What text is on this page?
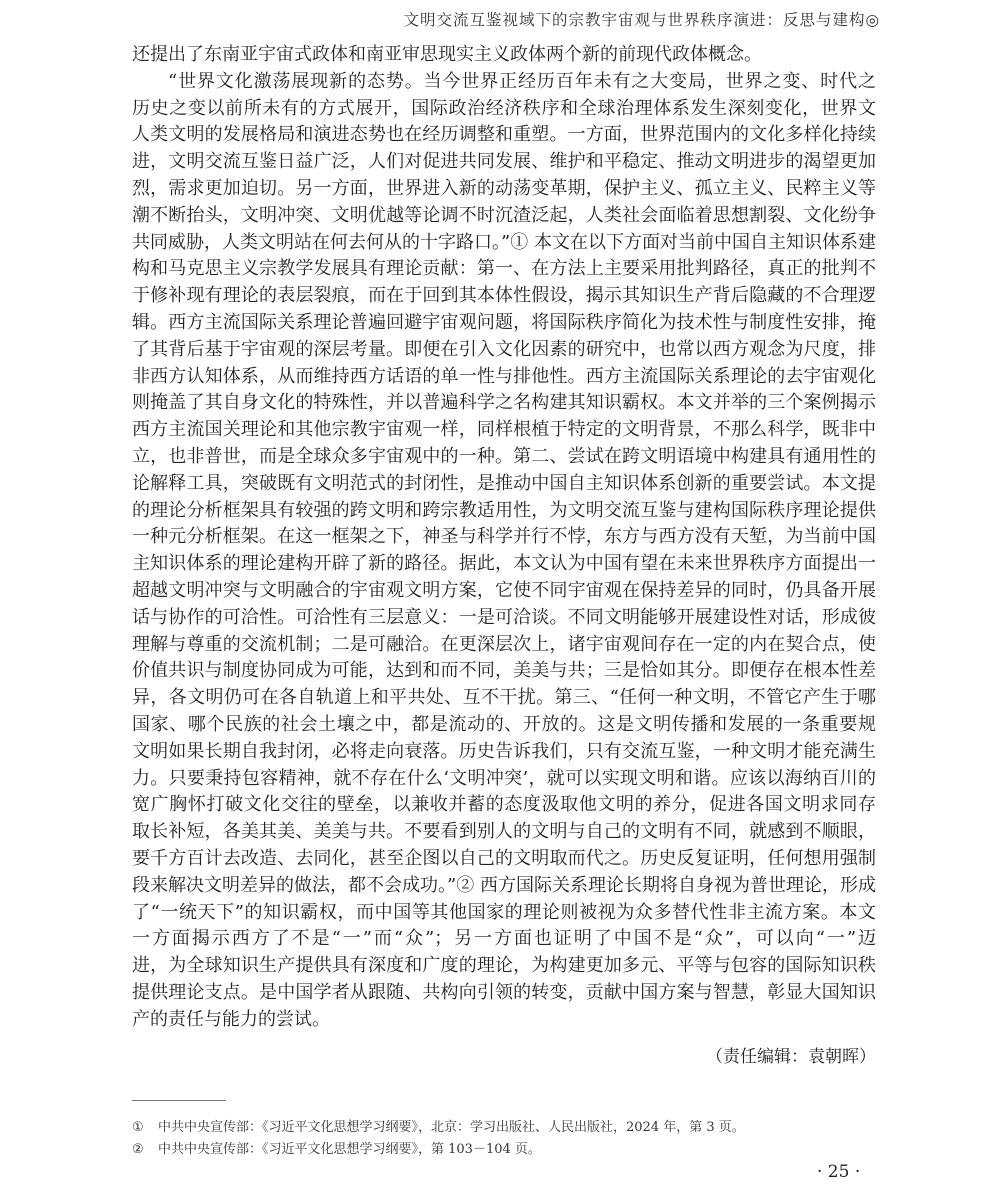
文明交流互鉴视域下的宗教宇宙观与世界秩序演进：反思与建构◎
还提出了东南亚宇宙式政体和南亚审思现实主义政体两个新的前现代政体概念。
“世界文化激荡展现新的态势。当今世界正经历百年未有之大变局，世界之变、时代之
历史之变以前所未有的方式展开，国际政治经济秩序和全球治理体系发生深刻变化，世界文
人类文明的发展格局和演进态势也在经历调整和重塑。一方面，世界范围内的文化多样化持续
进，文明交流互鉴日益广泛，人们对促进共同发展、维护和平稳定、推动文明进步的渴望更加
烈，需求更加迫切。另一方面，世界进入新的动荡变革期，保护主义、孤立主义、民粹主义等
潮不断抬头，文明冲突、文明优越等论调不时沉渣泛起，人类社会面临着思想割裂、文化纷争
共同威胁，人类文明站在何去何从的十字路口。”① 本文在以下方面对当前中国自主知识体系建
构和马克思主义宗教学发展具有理论贡献：第一、在方法上主要采用批判路径，真正的批判不
于修补现有理论的表层裂痕，而在于回到其本体性假设，揭示其知识生产背后隐藏的不合理逻
辑。西方主流国际关系理论普遍回避宇宙观问题，将国际秩序简化为技术性与制度性安排，掩
了其背后基于宇宙观的深层考量。即便在引入文化因素的研究中，也常以西方观念为尺度，排
非西方认知体系，从而维持西方话语的单一性与排他性。西方主流国际关系理论的去宇宙观化
则掩盖了其自身文化的特殊性，并以普遍科学之名构建其知识霸权。本文并举的三个案例揭示
西方主流国关理论和其他宗教宇宙观一样，同样根植于特定的文明背景，不那么科学，既非中
立，也非普世，而是全球众多宇宙观中的一种。第二、尝试在跨文明语境中构建具有通用性的
论解释工具，突破既有文明范式的封闭性，是推动中国自主知识体系创新的重要尝试。本文提
的理论分析框架具有较强的跨文明和跨宗教适用性，为文明交流互鉴与建构国际秩序理论提供
一种元分析框架。在这一框架之下，神圣与科学并行不悖，东方与西方没有天堑，为当前中国
主知识体系的理论建构开辟了新的路径。据此，本文认为中国有望在未来世界秩序方面提出一
超越文明冲突与文明融合的宇宙观文明方案，它使不同宇宙观在保持差异的同时，仍具备开展
话与协作的可洽性。可洽性有三层意义：一是可洽谈。不同文明能够开展建设性对话，形成彼
理解与尊重的交流机制；二是可融洽。在更深层次上，诸宇宙观间存在一定的内在契合点，使
价值共识与制度协同成为可能，达到和而不同，美美与共；三是恰如其分。即便存在根本性差
异，各文明仍可在各自轨道上和平共处、互不干扰。第三、“任何一种文明，不管它产生于哪
国家、哪个民族的社会土壤之中，都是流动的、开放的。这是文明传播和发展的一条重要规
文明如果长期自我封闭，必将走向衰落。历史告诉我们，只有交流互鉴，一种文明才能充满生
力。只要秉持包容精神，就不存在什么‘文明冲突’，就可以实现文明和谐。应该以海纳百川的
宽广胸怀打破文化交往的壁垒，以兼收并蓄的态度汲取他文明的养分，促进各国文明求同存
取长补短，各美其美、美美与共。不要看到别人的文明与自己的文明有不同，就感到不顺眼，
要千方百计去改造、去同化，甚至企图以自己的文明取而代之。历史反复证明，任何想用强制
段来解决文明差异的做法，都不会成功。”② 西方国际关系理论长期将自身视为普世理论，形成
了“一统天下”的知识霸权，而中国等其他国家的理论则被视为众多替代性非主流方案。本文
一方面揭示西方了不是“一”而“众”；另一方面也证明了中国不是“众”，可以向“一”迈
进，为全球知识生产提供具有深度和广度的理论，为构建更加多元、平等与包容的国际知识秩
提供理论支点。是中国学者从跟随、共构向引领的转变，贡献中国方案与智慧，彰显大国知识
产的责任与能力的尝试。
（责任编辑：袁朝晖）
① 中共中央宣传部：《习近平文化思想学习纲要》，北京：学习出版社、人民出版社，2024 年，第 3 页。
② 中共中央宣传部：《习近平文化思想学习纲要》，第 103－104 页。
· 25 ·
